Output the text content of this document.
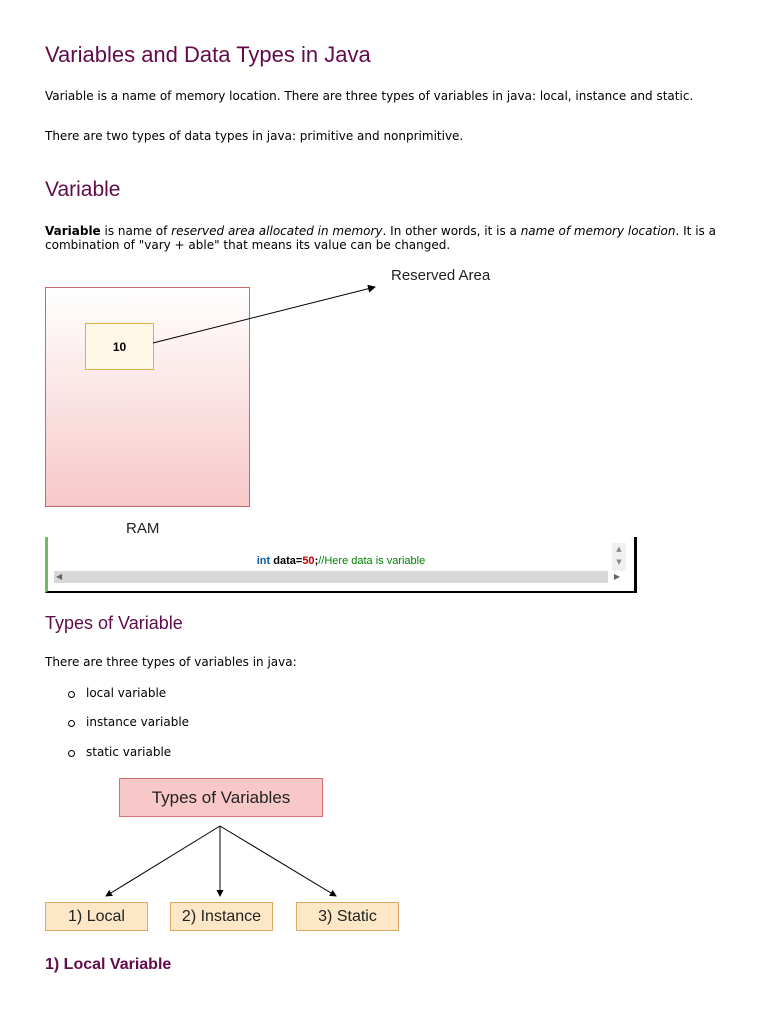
Variables and Data Types in Java

Variable is a name of memory location. There are three types of variables in java: local, instance and static.

There are two types of data types in java: primitive and nonprimitive.

Variable

Variable is name of reserved area allocated in memory. In other words, it is a name of memory location. It is a combination of "vary + able" that means its value can be changed.

10
Reserved Area
RAM
int data=50;//Here data is variable
▲
▼
◀	▶
Types of Variable

There are three types of variables in java:

local variable
instance variable
static variable
Types of Variables
1) Local	2) Instance	3) Static
1) Local Variable
